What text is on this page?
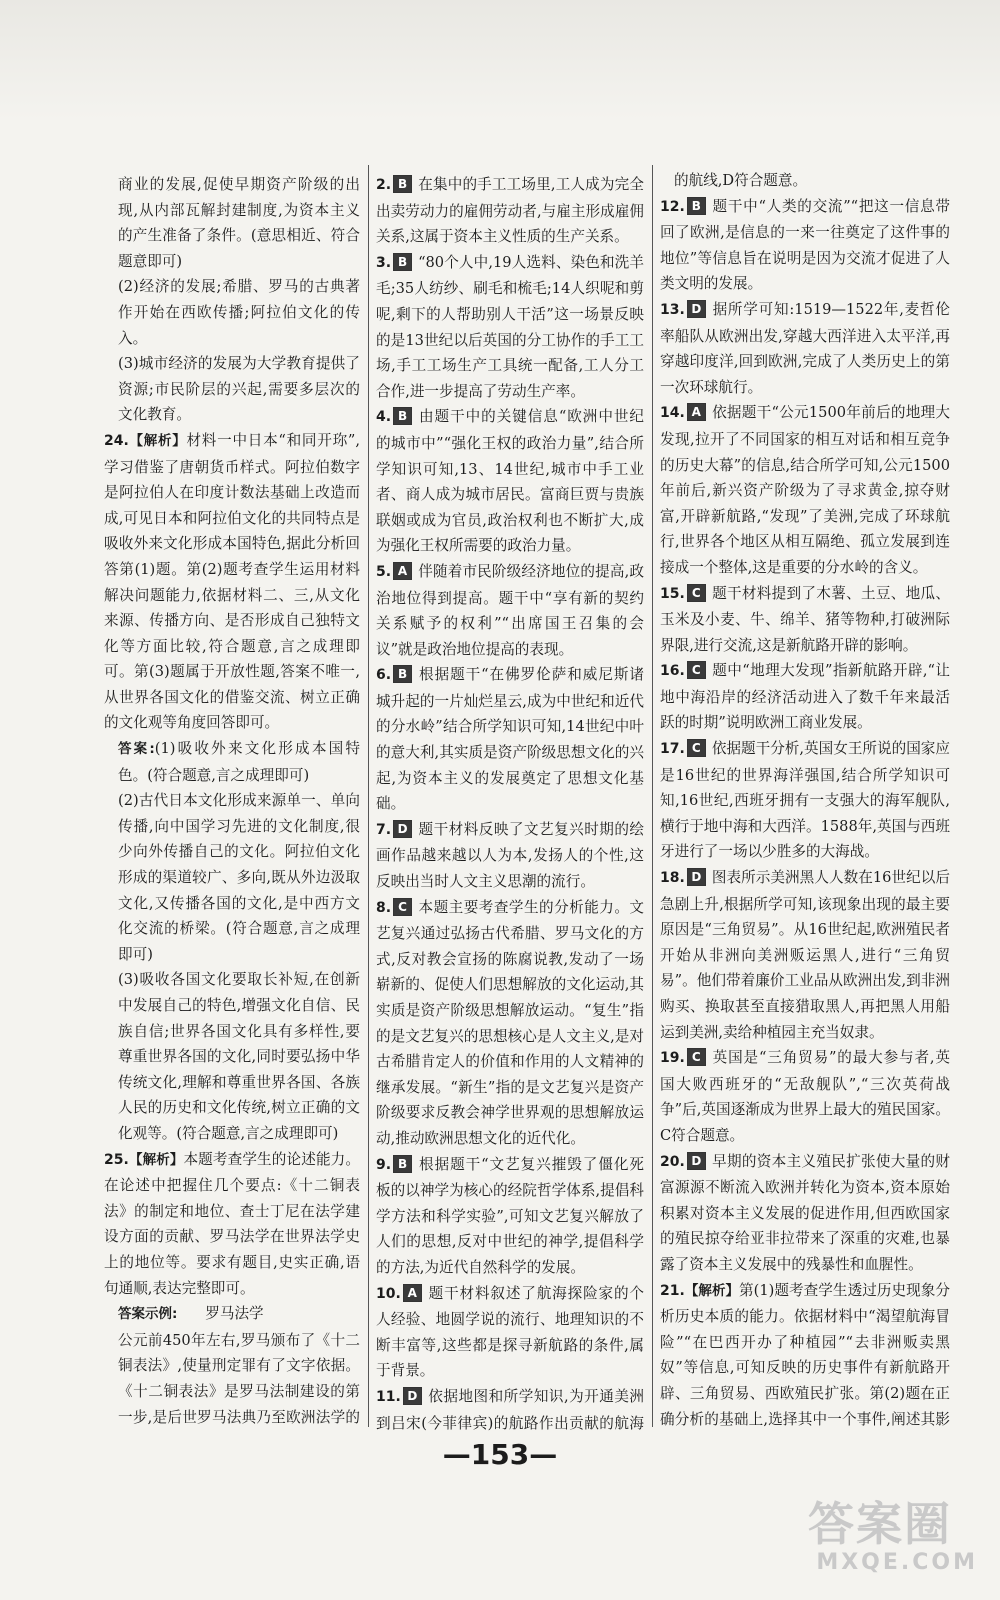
商业的发展,促使早期资产阶级的出现,从内部瓦解封建制度,为资本主义的产生准备了条件。(意思相近、符合题意即可)

(2)经济的发展;希腊、罗马的古典著作开始在西欧传播;阿拉伯文化的传入。

(3)城市经济的发展为大学教育提供了资源;市民阶层的兴起,需要多层次的文化教育。

24.【解析】材料一中日本“和同开珎”,学习借鉴了唐朝货币样式。阿拉伯数字是阿拉伯人在印度计数法基础上改造而成,可见日本和阿拉伯文化的共同特点是吸收外来文化形成本国特色,据此分析回答第(1)题。第(2)题考查学生运用材料解决问题能力,依据材料二、三,从文化来源、传播方向、是否形成自己独特文化等方面比较,符合题意,言之成理即可。第(3)题属于开放性题,答案不唯一,从世界各国文化的借鉴交流、树立正确的文化观等角度回答即可。

答案:(1)吸收外来文化形成本国特色。(符合题意,言之成理即可)

(2)古代日本文化形成来源单一、单向传播,向中国学习先进的文化制度,很少向外传播自己的文化。阿拉伯文化形成的渠道较广、多向,既从外边汲取文化,又传播各国的文化,是中西方文化交流的桥梁。(符合题意,言之成理即可)

(3)吸收各国文化要取长补短,在创新中发展自己的特色,增强文化自信、民族自信;世界各国文化具有多样性,要尊重世界各国的文化,同时要弘扬中华传统文化,理解和尊重世界各国、各族人民的历史和文化传统,树立正确的文化观等。(符合题意,言之成理即可)

25.【解析】本题考查学生的论述能力。在论述中把握住几个要点:《十二铜表法》的制定和地位、查士丁尼在法学建设方面的贡献、罗马法学在世界法学史上的地位等。要求有题目,史实正确,语句通顺,表达完整即可。

答案示例: 罗马法学

公元前450年左右,罗马颁布了《十二铜表法》,使量刑定罪有了文字依据。《十二铜表法》是罗马法制建设的第一步,是后世罗马法典乃至欧洲法学的

2. B 在集中的手工工场里,工人成为完全出卖劳动力的雇佣劳动者,与雇主形成雇佣关系,这属于资本主义性质的生产关系。

3. B “80个人中,19人选料、染色和洗羊毛;35人纺纱、刷毛和梳毛;14人织呢和剪呢,剩下的人帮助别人干活”这一场景反映的是13世纪以后英国的分工协作的手工工场,手工工场生产工具统一配备,工人分工合作,进一步提高了劳动生产率。

4. B 由题干中的关键信息“欧洲中世纪的城市中”“强化王权的政治力量”,结合所学知识可知,13、14世纪,城市中手工业者、商人成为城市居民。富商巨贾与贵族联姻或成为官员,政治权利也不断扩大,成为强化王权所需要的政治力量。

5. A 伴随着市民阶级经济地位的提高,政治地位得到提高。题干中“享有新的契约关系赋予的权利”“出席国王召集的会议”就是政治地位提高的表现。

6. B 根据题干“在佛罗伦萨和威尼斯诸城升起的一片灿烂星云,成为中世纪和近代的分水岭”结合所学知识可知,14世纪中叶的意大利,其实质是资产阶级思想文化的兴起,为资本主义的发展奠定了思想文化基础。

7. D 题干材料反映了文艺复兴时期的绘画作品越来越以人为本,发扬人的个性,这反映出当时人文主义思潮的流行。

8. C 本题主要考查学生的分析能力。文艺复兴通过弘扬古代希腊、罗马文化的方式,反对教会宣扬的陈腐说教,发动了一场崭新的、促使人们思想解放的文化运动,其实质是资产阶级思想解放运动。“复生”指的是文艺复兴的思想核心是人文主义,是对古希腊肯定人的价值和作用的人文精神的继承发展。“新生”指的是文艺复兴是资产阶级要求反教会神学世界观的思想解放运动,推动欧洲思想文化的近代化。

9. B 根据题干“文艺复兴摧毁了僵化死板的以神学为核心的经院哲学体系,提倡科学方法和科学实验”,可知文艺复兴解放了人们的思想,反对中世纪的神学,提倡科学的方法,为近代自然科学的发展。

10. A 题干材料叙述了航海探险家的个人经验、地圆学说的流行、地理知识的不断丰富等,这些都是探寻新航路的条件,属于背景。

11. D 依据地图和所学知识,为开通美洲到吕宋(今菲律宾)的航路作出贡献的航海

的航线,D符合题意。

12. B 题干中“人类的交流”“把这一信息带回了欧洲,是信息的一来一往奠定了这件事的地位”等信息旨在说明是因为交流才促进了人类文明的发展。

13. D 据所学可知:1519—1522年,麦哲伦率船队从欧洲出发,穿越大西洋进入太平洋,再穿越印度洋,回到欧洲,完成了人类历史上的第一次环球航行。

14. A 依据题干“公元1500年前后的地理大发现,拉开了不同国家的相互对话和相互竞争的历史大幕”的信息,结合所学可知,公元1500年前后,新兴资产阶级为了寻求黄金,掠夺财富,开辟新航路,“发现”了美洲,完成了环球航行,世界各个地区从相互隔绝、孤立发展到连接成一个整体,这是重要的分水岭的含义。

15. C 题干材料提到了木薯、土豆、地瓜、玉米及小麦、牛、绵羊、猪等物种,打破洲际界限,进行交流,这是新航路开辟的影响。

16. C 题中“地理大发现”指新航路开辟,“让地中海沿岸的经济活动进入了数千年来最活跃的时期”说明欧洲工商业发展。

17. C 依据题干分析,英国女王所说的国家应是16世纪的世界海洋强国,结合所学知识可知,16世纪,西班牙拥有一支强大的海军舰队,横行于地中海和大西洋。1588年,英国与西班牙进行了一场以少胜多的大海战。

18. D 图表所示美洲黑人人数在16世纪以后急剧上升,根据所学可知,该现象出现的最主要原因是“三角贸易”。从16世纪起,欧洲殖民者开始从非洲向美洲贩运黑人,进行“三角贸易”。他们带着廉价工业品从欧洲出发,到非洲购买、换取甚至直接猎取黑人,再把黑人用船运到美洲,卖给种植园主充当奴隶。

19. C 英国是“三角贸易”的最大参与者,英国大败西班牙的“无敌舰队”,“三次英荷战争”后,英国逐渐成为世界上最大的殖民国家。C符合题意。

20. D 早期的资本主义殖民扩张使大量的财富源源不断流入欧洲并转化为资本,资本原始积累对资本主义发展的促进作用,但西欧国家的殖民掠夺给亚非拉带来了深重的灾难,也暴露了资本主义发展中的残暴性和血腥性。

21.【解析】第(1)题考查学生透过历史现象分析历史本质的能力。依据材料中“渴望航海冒险”“在巴西开办了种植园”“去非洲贩卖黑奴”等信息,可知反映的历史事件有新航路开辟、三角贸易、西欧殖民扩张。第(2)题在正确分析的基础上,选择其中一个事件,阐述其影

—153—
答案圈
MXQE.COM
